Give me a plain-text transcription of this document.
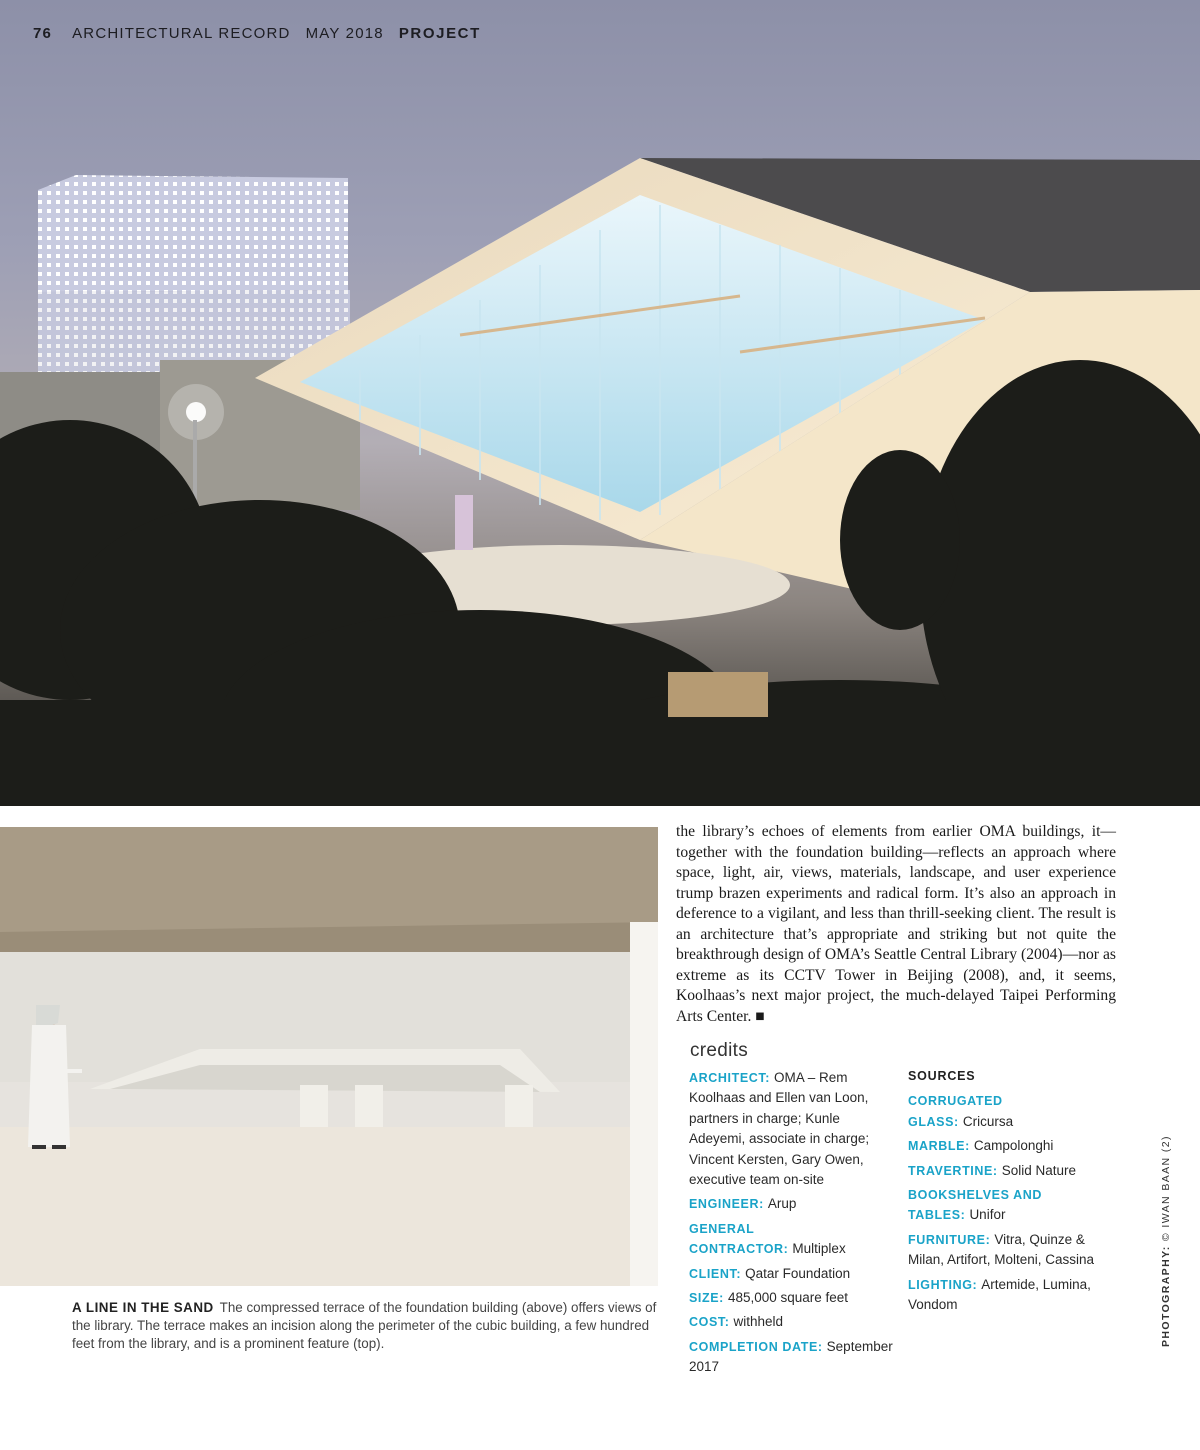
76 ARCHITECTURAL RECORD MAY 2018 PROJECT
A LINE IN THE SAND The compressed terrace of the foundation building (above) offers views of the library. The terrace makes an incision along the perimeter of the cubic building, a few hundred feet from the library, and is a prominent feature (top).
the library’s echoes of elements from earlier OMA buildings, it—together with the foundation building—reflects an approach where space, light, air, views, materials, landscape, and user experience trump brazen experiments and radical form. It’s also an approach in deference to a vigilant, and less than thrill-seeking client. The result is an architecture that’s appropriate and striking but not quite the breakthrough design of OMA’s Seattle Central Library (2004)—nor as extreme as its CCTV Tower in Beijing (2008), and, it seems, Koolhaas’s next major project, the much-delayed Taipei Performing Arts Center. ■
credits
ARCHITECT: OMA – Rem Koolhaas and Ellen van Loon, partners in charge; Kunle Adeyemi, associate in charge; Vincent Kersten, Gary Owen, executive team on-site
ENGINEER: Arup
GENERAL CONTRACTOR: Multiplex
CLIENT: Qatar Foundation
SIZE: 485,000 square feet
COST: withheld
COMPLETION DATE: September 2017
SOURCES
CORRUGATED GLASS: Cricursa
MARBLE: Campolonghi
TRAVERTINE: Solid Nature
BOOKSHELVES AND TABLES: Unifor
FURNITURE: Vitra, Quinze & Milan, Artifort, Molteni, Cassina
LIGHTING: Artemide, Lumina, Vondom	PHOTOGRAPHY: © IWAN BAAN (2)
